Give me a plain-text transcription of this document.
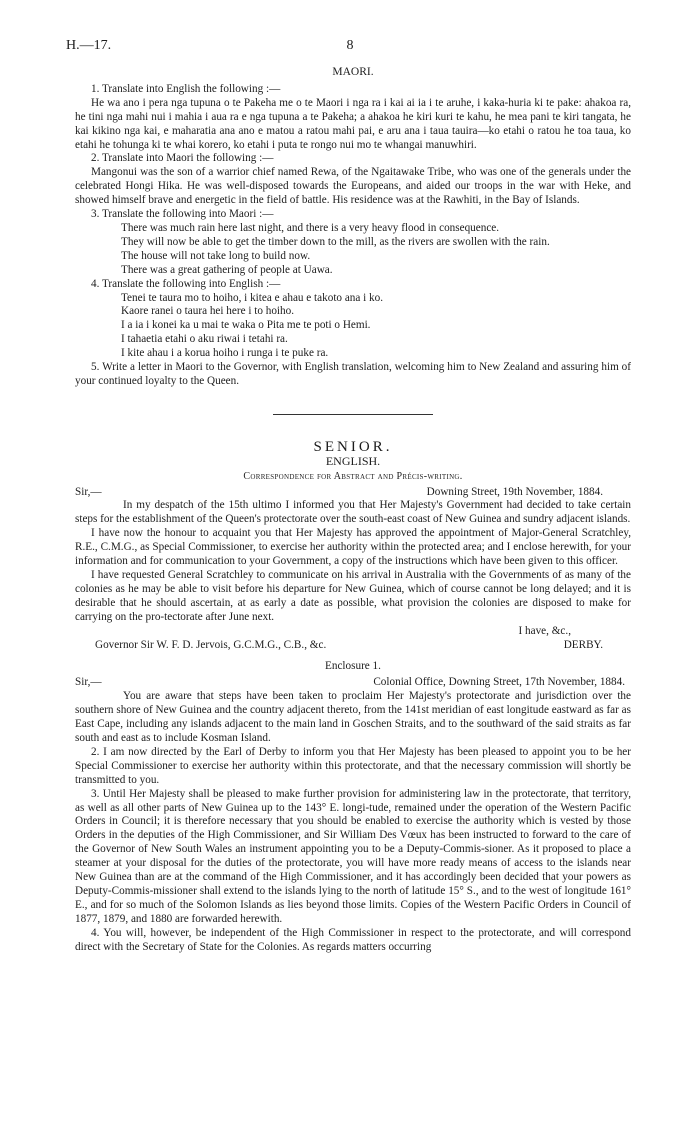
H.—17.	8

MAORI.

1. Translate into English the following :—

He wa ano i pera nga tupuna o te Pakeha me o te Maori i nga ra i kai ai ia i te aruhe, i kaka-huria ki te pake: ahakoa ra, he tini nga mahi nui i mahia i aua ra e nga tupuna a te Pakeha; a ahakoa he kiri kuri te kahu, he mea pani te kiri tangata, he kai kikino nga kai, e maharatia ana ano e matou a ratou mahi pai, e aru ana i taua tauira—ko etahi o ratou he toa taua, ko etahi he tohunga ki te whai korero, ko etahi i puta te rongo nui mo te whangai manuwhiri.

2. Translate into Maori the following :—

Mangonui was the son of a warrior chief named Rewa, of the Ngaitawake Tribe, who was one of the generals under the celebrated Hongi Hika. He was well-disposed towards the Europeans, and aided our troops in the war with Heke, and showed himself brave and energetic in the field of battle. His residence was at the Rawhiti, in the Bay of Islands.

3. Translate the following into Maori :—

There was much rain here last night, and there is a very heavy flood in consequence.

They will now be able to get the timber down to the mill, as the rivers are swollen with the rain.

The house will not take long to build now.

There was a great gathering of people at Uawa.

4. Translate the following into English :—

Tenei te taura mo to hoiho, i kitea e ahau e takoto ana i ko.

Kaore ranei o taura hei here i to hoiho.

I a ia i konei ka u mai te waka o Pita me te poti o Hemi.

I tahaetia etahi o aku riwai i tetahi ra.

I kite ahau i a korua hoiho i runga i te puke ra.

5. Write a letter in Maori to the Governor, with English translation, welcoming him to New Zealand and assuring him of your continued loyalty to the Queen.

SENIOR.

ENGLISH.

Correspondence for Abstract and Précis-writing.

Sir,—	Downing Street, 19th November, 1884.

In my despatch of the 15th ultimo I informed you that Her Majesty's Government had decided to take certain steps for the establishment of the Queen's protectorate over the south-east coast of New Guinea and sundry adjacent islands.

I have now the honour to acquaint you that Her Majesty has approved the appointment of Major-General Scratchley, R.E., C.M.G., as Special Commissioner, to exercise her authority within the protected area; and I enclose herewith, for your information and for communication to your Government, a copy of the instructions which have been given to this officer.

I have requested General Scratchley to communicate on his arrival in Australia with the Governments of as many of the colonies as he may be able to visit before his departure for New Guinea, which of course cannot be long delayed; and it is desirable that he should ascertain, at as early a date as possible, what provision the colonies are disposed to make for carrying on the pro-tectorate after June next.

I have, &c.,
Governor Sir W. F. D. Jervois, G.C.M.G., C.B., &c.	DERBY.

Enclosure 1.

Sir,—	Colonial Office, Downing Street, 17th November, 1884.

You are aware that steps have been taken to proclaim Her Majesty's protectorate and jurisdiction over the southern shore of New Guinea and the country adjacent thereto, from the 141st meridian of east longitude eastward as far as East Cape, including any islands adjacent to the main land in Goschen Straits, and to the southward of the said straits as far south and east as to include Kosman Island.

2. I am now directed by the Earl of Derby to inform you that Her Majesty has been pleased to appoint you to be her Special Commissioner to exercise her authority within this protectorate, and that the necessary commission will shortly be transmitted to you.

3. Until Her Majesty shall be pleased to make further provision for administering law in the protectorate, that territory, as well as all other parts of New Guinea up to the 143° E. longi-tude, remained under the operation of the Western Pacific Orders in Council; it is therefore necessary that you should be enabled to exercise the authority which is vested by those Orders in the deputies of the High Commissioner, and Sir William Des Vœux has been instructed to forward to the care of the Governor of New South Wales an instrument appointing you to be a Deputy-Commis-sioner. As it proposed to place a steamer at your disposal for the duties of the protectorate, you will have more ready means of access to the islands near New Guinea than are at the command of the High Commissioner, and it has accordingly been decided that your powers as Deputy-Commis-missioner shall extend to the islands lying to the north of latitude 15° S., and to the west of longitude 161° E., and for so much of the Solomon Islands as lies beyond those limits. Copies of the Western Pacific Orders in Council of 1877, 1879, and 1880 are forwarded herewith.

4. You will, however, be independent of the High Commissioner in respect to the protectorate, and will correspond direct with the Secretary of State for the Colonies. As regards matters occurring
